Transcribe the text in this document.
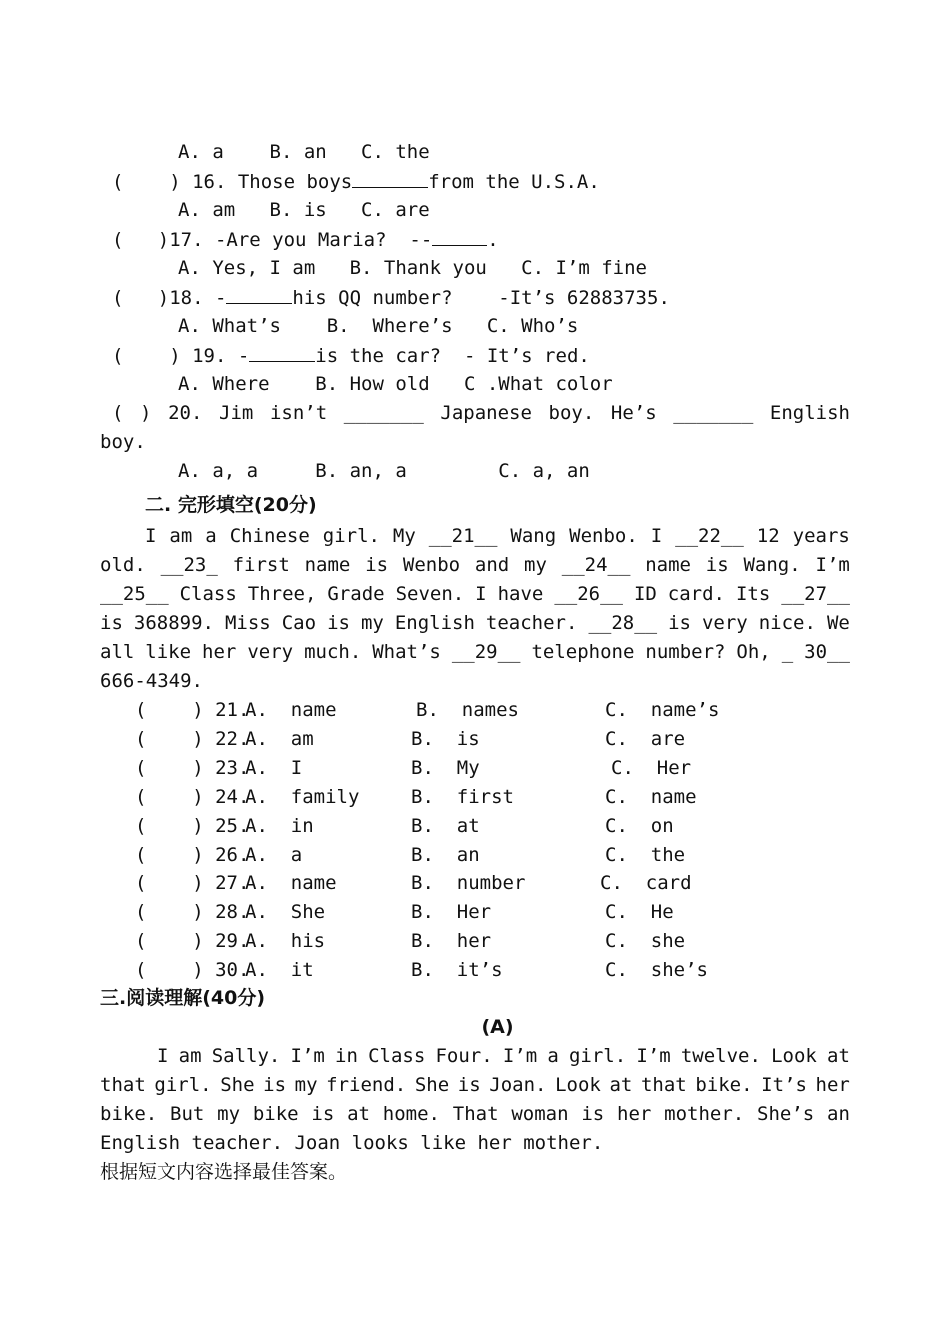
A. a    B. an   C. the
(    ) 16. Those boys	from the U.S.A.
A. am   B. is   C. are
(   )17. -Are you Maria?  --	.
A. Yes, I am   B. Thank you   C. I’m fine
(   )18. -	his QQ number?    -It’s 62883735.
A. What’s    B.  Where’s   C. Who’s
(    ) 19. -	is the car?  - It’s red.
A. Where    B. How old   C .What color
( ) 20. Jim isn’t _______ Japanese boy. He’s _______ English
boy.
A. a, a     B. an, a        C. a, an
二. 完形填空(20分)
I am a Chinese girl. My __21__ Wang Wenbo. I __22__ 12 years
old. __23_ first name is Wenbo and my __24__ name is Wang. I’m
__25__ Class Three, Grade Seven. I have __26__ ID card. Its __27__
is 368899. Miss Cao is my English teacher. __28__ is very nice. We
all like her very much. What’s __29__ telephone number? Oh, _ 30__
666-4349.
(    ) 21.
A.  name	B.  names	C.  name’s
(    ) 22.
A.  am	B.  is	C.  are
(    ) 23.
A.  I	B.  My	C.  Her
(    ) 24.
A.  family	B.  first	C.  name
(    ) 25.
A.  in	B.  at	C.  on
(    ) 26.
A.  a	B.  an	C.  the
(    ) 27.
A.  name	B.  number	C.  card
(    ) 28.
A.  She	B.  Her	C.  He
(    ) 29.
A.  his	B.  her	C.  she
(    ) 30.
A.  it	B.  it’s	C.  she’s
三.阅读理解(40分)
(A)
I am Sally. I’m in Class Four. I’m a girl. I’m twelve. Look at
that girl. She is my friend. She is Joan. Look at that bike. It’s her
bike. But my bike is at home. That woman is her mother. She’s an
English teacher. Joan looks like her mother.
根据短文内容选择最佳答案。
